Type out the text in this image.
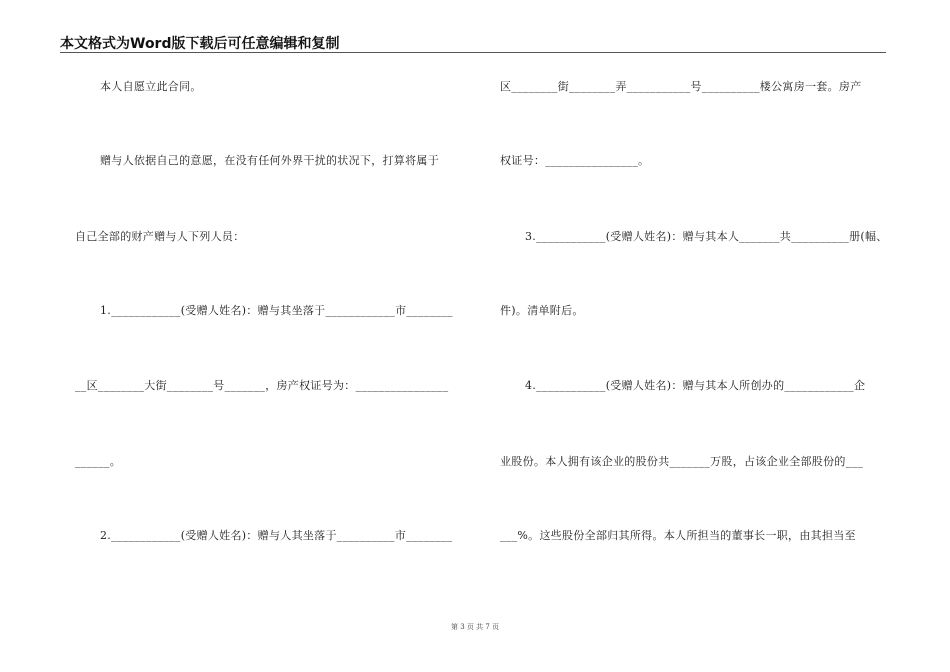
本文格式为Word版下载后可任意编辑和复制
本人自愿立此合同。
赠与人依据自己的意愿，在没有任何外界干扰的状况下，打算将属于
自己全部的财产赠与人下列人员：
1.____________(受赠人姓名)：赠与其坐落于____________市________
__区________大街________号_______，房产权证号为：________________
______。
2.____________(受赠人姓名)：赠与人其坐落于__________市________
区________街________弄___________号__________楼公寓房一套。房产
权证号：________________。
3.____________(受赠人姓名)：赠与其本人_______共__________册(幅、
件)。清单附后。
4.____________(受赠人姓名)：赠与其本人所创办的____________企
业股份。本人拥有该企业的股份共_______万股，占该企业全部股份的___
___%。这些股份全部归其所得。本人所担当的董事长一职，由其担当至
第 3 页 共 7 页
